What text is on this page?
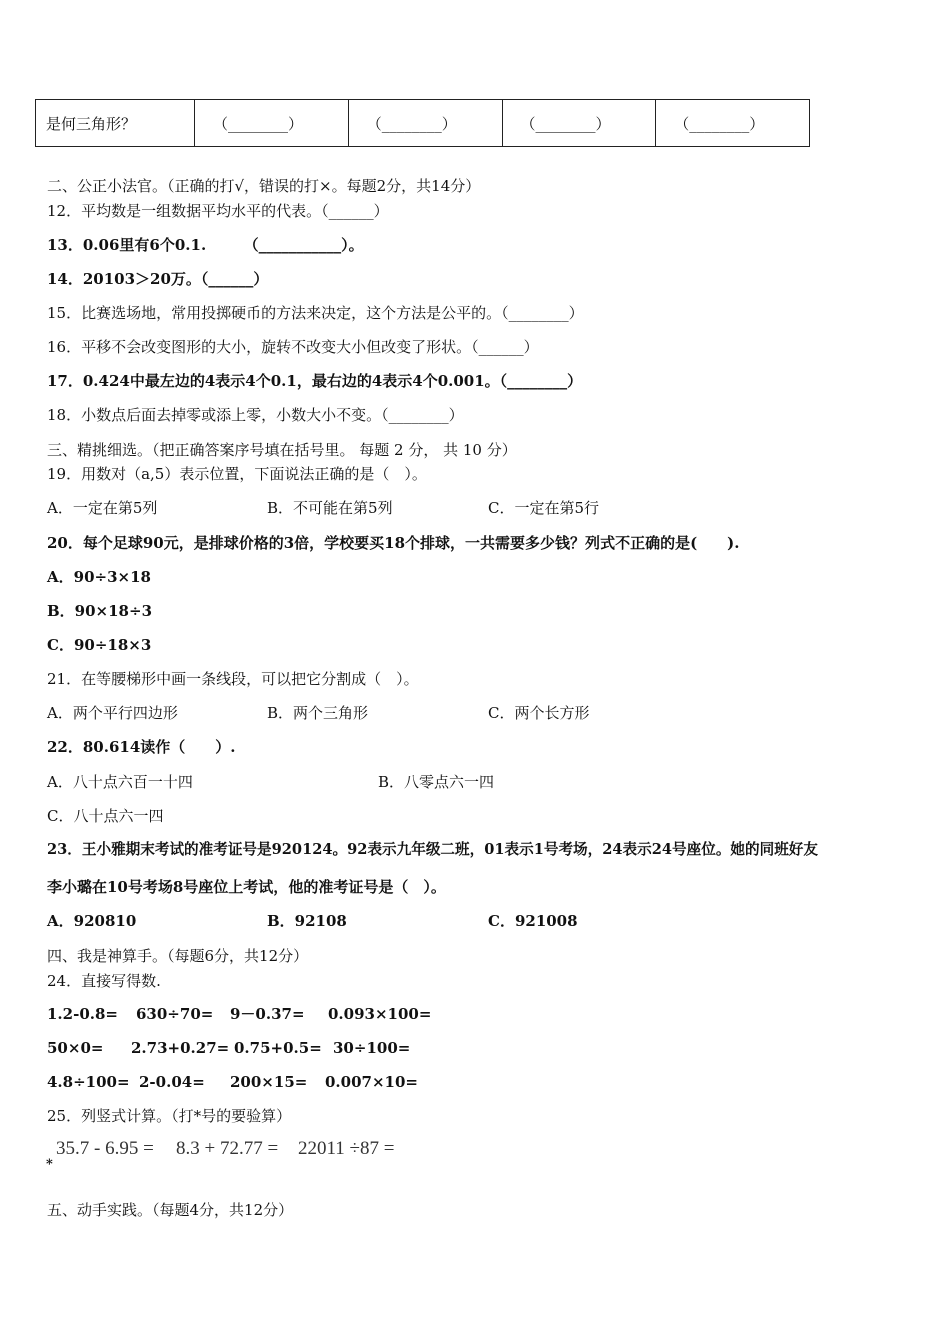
是何三角形？	（________）	（________）	（________）	（________）
二、公正小法官。（正确的打√，错误的打×。每题2分，共14分）
12．平均数是一组数据平均水平的代表。（______）
13．0.06里有6个0.1.　　　（___________）。
14．20103＞20万。（______）
15．比赛选场地，常用投掷硬币的方法来决定，这个方法是公平的。（________）
16．平移不会改变图形的大小，旋转不改变大小但改变了形状。（______）
17．0.424中最左边的4表示4个0.1，最右边的4表示4个0.001。（________）
18．小数点后面去掉零或添上零，小数大小不变。（________）
三、精挑细选。（把正确答案序号填在括号里。 每题 2 分， 共 10 分）
19．用数对（a,5）表示位置，下面说法正确的是（　）。
A．一定在第5列	B．不可能在第5列	C．一定在第5行
20．每个足球90元，是排球价格的3倍，学校要买18个排球，一共需要多少钱？列式不正确的是(　　).
A．90÷3×18
B．90×18÷3
C．90÷18×3
21．在等腰梯形中画一条线段，可以把它分割成（　）。
A．两个平行四边形	B．两个三角形	C．两个长方形
22．80.614读作（　　）.
A．八十点六百一十四	B．八零点六一四
C．八十点六一四
23．王小雅期末考试的准考证号是920124。92表示九年级二班，01表示1号考场，24表示24号座位。她的同班好友
李小璐在10号考场8号座位上考试，他的准考证号是（　）。
A．920810	B．92108	C．921008
四、我是神算手。（每题6分，共12分）
24．直接写得数.
1.2-0.8= 630÷70= 9－0.37= 0.093×100=
50×0= 2.73+0.27= 0.75+0.5= 30÷100=
4.8÷100= 2-0.04= 200×15= 0.007×10=
25．列竖式计算。（打*号的要验算）
35.7 - 6.95 = 8.3 + 72.77 = 22011 ÷87 =
*
五、动手实践。（每题4分，共12分）
